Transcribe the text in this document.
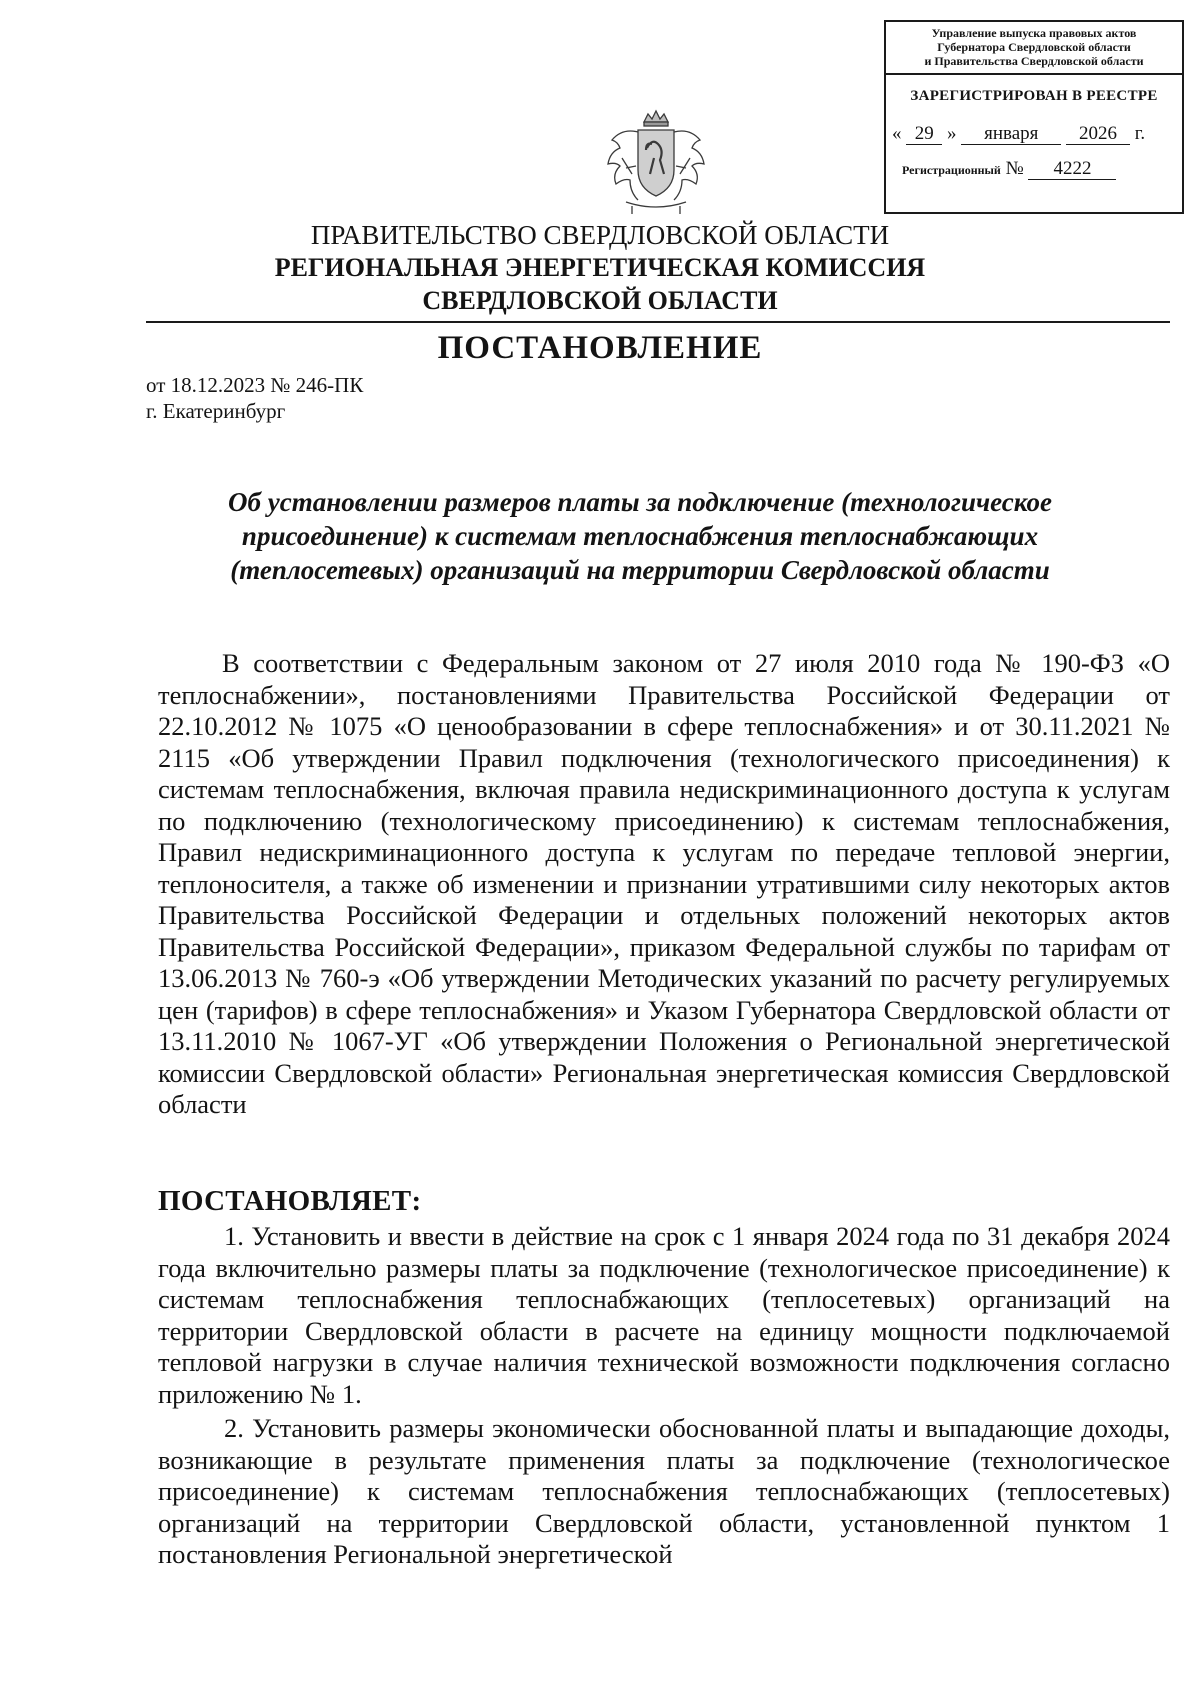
Управление выпуска правовых актов
Губернатора Свердловской области
и Правительства Свердловской области
ЗАРЕГИСТРИРОВАН В РЕЕСТРЕ
« 29 » января 2026 г.
Регистрационный № 4222
ПРАВИТЕЛЬСТВО СВЕРДЛОВСКОЙ ОБЛАСТИ
РЕГИОНАЛЬНАЯ ЭНЕРГЕТИЧЕСКАЯ КОМИССИЯ
СВЕРДЛОВСКОЙ ОБЛАСТИ
ПОСТАНОВЛЕНИЕ
от 18.12.2023 № 246-ПК
г. Екатеринбург
Об установлении размеров платы за подключение (технологическое присоединение) к системам теплоснабжения теплоснабжающих (теплосетевых) организаций на территории Свердловской области
В соответствии с Федеральным законом от 27 июля 2010 года № 190-ФЗ «О теплоснабжении», постановлениями Правительства Российской Федерации от 22.10.2012 № 1075 «О ценообразовании в сфере теплоснабжения» и от 30.11.2021 № 2115 «Об утверждении Правил подключения (технологического присоединения) к системам теплоснабжения, включая правила недискриминационного доступа к услугам по подключению (технологическому присоединению) к системам теплоснабжения, Правил недискриминационного доступа к услугам по передаче тепловой энергии, теплоносителя, а также об изменении и признании утратившими силу некоторых актов Правительства Российской Федерации и отдельных положений некоторых актов Правительства Российской Федерации», приказом Федеральной службы по тарифам от 13.06.2013 № 760-э «Об утверждении Методических указаний по расчету регулируемых цен (тарифов) в сфере теплоснабжения» и Указом Губернатора Свердловской области от 13.11.2010 № 1067-УГ «Об утверждении Положения о Региональной энергетической комиссии Свердловской области» Региональная энергетическая комиссия Свердловской области
ПОСТАНОВЛЯЕТ:
1. Установить и ввести в действие на срок с 1 января 2024 года по 31 декабря 2024 года включительно размеры платы за подключение (технологическое присоединение) к системам теплоснабжения теплоснабжающих (теплосетевых) организаций на территории Свердловской области в расчете на единицу мощности подключаемой тепловой нагрузки в случае наличия технической возможности подключения согласно приложению № 1.
2. Установить размеры экономически обоснованной платы и выпадающие доходы, возникающие в результате применения платы за подключение (технологическое присоединение) к системам теплоснабжения теплоснабжающих (теплосетевых) организаций на территории Свердловской области, установленной пунктом 1 постановления Региональной энергетической
